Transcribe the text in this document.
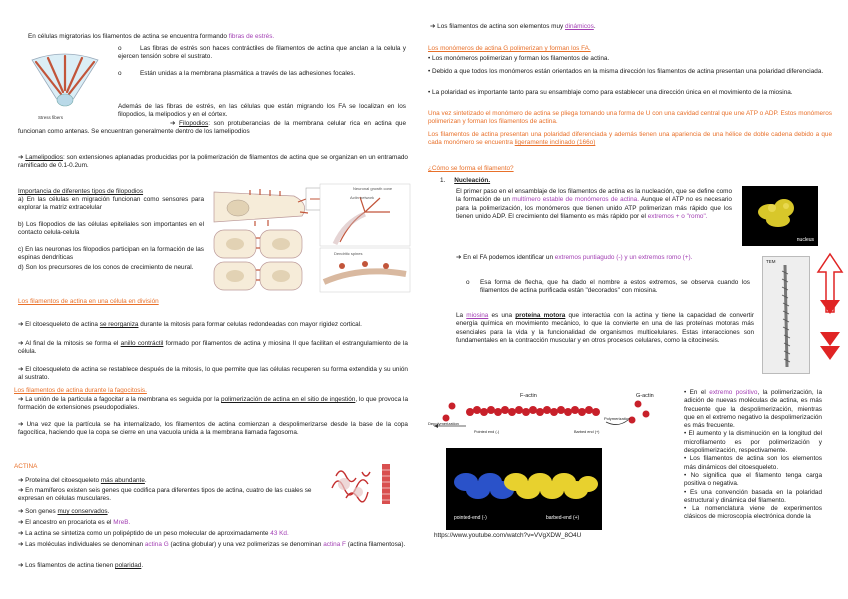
En células migratorias los filamentos de actina se encuentra formando fibras de estrés.

Stress fibers

o	Las fibras de estrés son haces contráctiles de filamentos de actina que anclan a la celula y ejercen tensión sobre el sustrato.

o	Están unidas a la membrana plasmática a través de las adhesiones focales.

Además de las fibras de estrés, en las células que están migrando los FA se localizan en los filopodios, la melipodios y en el córtex.

➔ Filopodios: son protuberancias de la membrana celular rica en actina que funcionan como antenas. Se encuentran generalmente dentro de los lamelipodios

➔ Lamelipodios: son extensiones aplanadas producidas por la polimerización de filamentos de actina que se organizan en un entramado ramificado de 0.1-0.2um.

Importancia de diferentes tipos de filopodios

a) En las células en migración funcionan como sensores para explorar la matriz extracelular

b) Los filopodios de las células epiteliales son importantes en el contacto celula-celula

c) En las neuronas los filopodios participan en la formación de las espinas dendríticas

d) Son los precursores de los conos de crecimiento de neural.

Actin network
Neuronal growth cone
Dendritic spines

Los filamentos de actina en una célula en división

➔ El citoesqueleto de actina se reorganiza durante la mitosis para formar celulas redondeadas con mayor rigidez cortical.

➔ Al final de la mitosis se forma el anillo contráctil formado por filamentos de actina y miosina II que facilitan el estrangulamiento de la célula.

➔ El citoesqueleto de actina se restablece después de la mitosis, lo que permite que las células recuperen su forma extendida y su unión al sustrato.

Los filamentos de actina durante la fagocitosis.

➔ La unión de la particula a fagocitar a la membrana es seguida por la polimerización de actina en el sitio de ingestión, lo que provoca la formación de extensiones pseudopodiales.

➔ Una vez que la partícula se ha internalizado, los filamentos de actina comienzan a despolimerizarse desde la base de la copa fagocítica, haciendo que la copa se cierre en una vacuola unida a la membrana llamada fagosoma.

ACTINA

➔ Proteína del citoesqueleto más abundante.

➔ En mamíferos existen seis genes que codifica para diferentes tipos de actina, cuatro de las cuales se expresan en células musculares.

➔ Son genes muy conservados.

➔ El ancestro en procariota es el MreB.

➔ La actina se sintetiza como un polipéptido de un peso molecular de aproximadamente 43 Kd.

➔ Las moléculas individuales se denominan actina G (actina globular) y una vez polimerizas se denominan actina F (actina filamentosa).

➔ Los filamentos de actina tienen polaridad.

➔ Los filamentos de actina son elementos muy dinámicos.

Los monómeros de actina G polimerizan y forman los FA.

• Los monómeros polimerizan y forman los filamentos de actina.

• Debido a que todos los monómeros están orientados en la misma dirección los filamentos de actina presentan una polaridad diferenciada.

• La polaridad es importante tanto para su ensamblaje como para establecer una dirección única en el movimiento de la miosina.

Una vez sintetizado el monómero de actina se pliega tomando una forma de U con una cavidad central que une ATP o ADP. Estos monómeros polimerizan y forman los filamentos de actina.

Los filamentos de actina presentan una polaridad diferenciada y además tienen una apariencia de una hélice de doble cadena debido a que cada monómero se encuentra ligeramente inclinado (166o)

¿Cómo se forma el filamento?

1. Nucleación.

El primer paso en el ensamblaje de los filamentos de actina es la nucleación, que se define como la formación de un multímero estable de monómeros de actina. Aunque el ATP no es necesario para la polimerización, los monómeros que tienen unido ATP polimerizan más rápido que los tienen unido ADP. El crecimiento del filamento es más rápido por el extremos + o "romo".

nucleus

➔ En el FA podemos identificar un extremos puntiagudo (-) y un extremos romo (+).

o Esa forma de flecha, que ha dado el nombre a estos extremos, se observa cuando los filamentos de actina purificada están "decorados" con miosina.

La miosina es una proteína motora que interactúa con la actina y tiene la capacidad de convertir energía química en movimiento mecánico, lo que la convierte en una de las proteínas motoras más esenciales para la vida y la funcionalidad de organismos multicelulares. Estas interacciones son fundamentales en la contracción muscular y en otros procesos celulares, como la citocinesis.

TEM
F-actin	G-actin
Depolymerization
Polymerization
Pointed end (-)	Barbed end (+)
pointed-end (-)	barbed-end (+)

https://www.youtube.com/watch?v=VVgXDW_8O4U

• En el extremo positivo, la polimerización, la adición de nuevas moléculas de actina, es más frecuente que la despolimerización, mientras que en el extremo negativo la despolimerización es más frecuente.

• El aumento y la disminución en la longitud del microfilamento es por polimerización y despolimerización, respectivamente.

• Los filamentos de actina son los elementos más dinámicos del citoesqueleto.

• No significa que el filamento tenga carga positiva o negativa.

• Es una convención basada en la polaridad estructural y dinámica del filamento.

• La nomenclatura viene de experimentos clásicos de microscopía electrónica donde la
